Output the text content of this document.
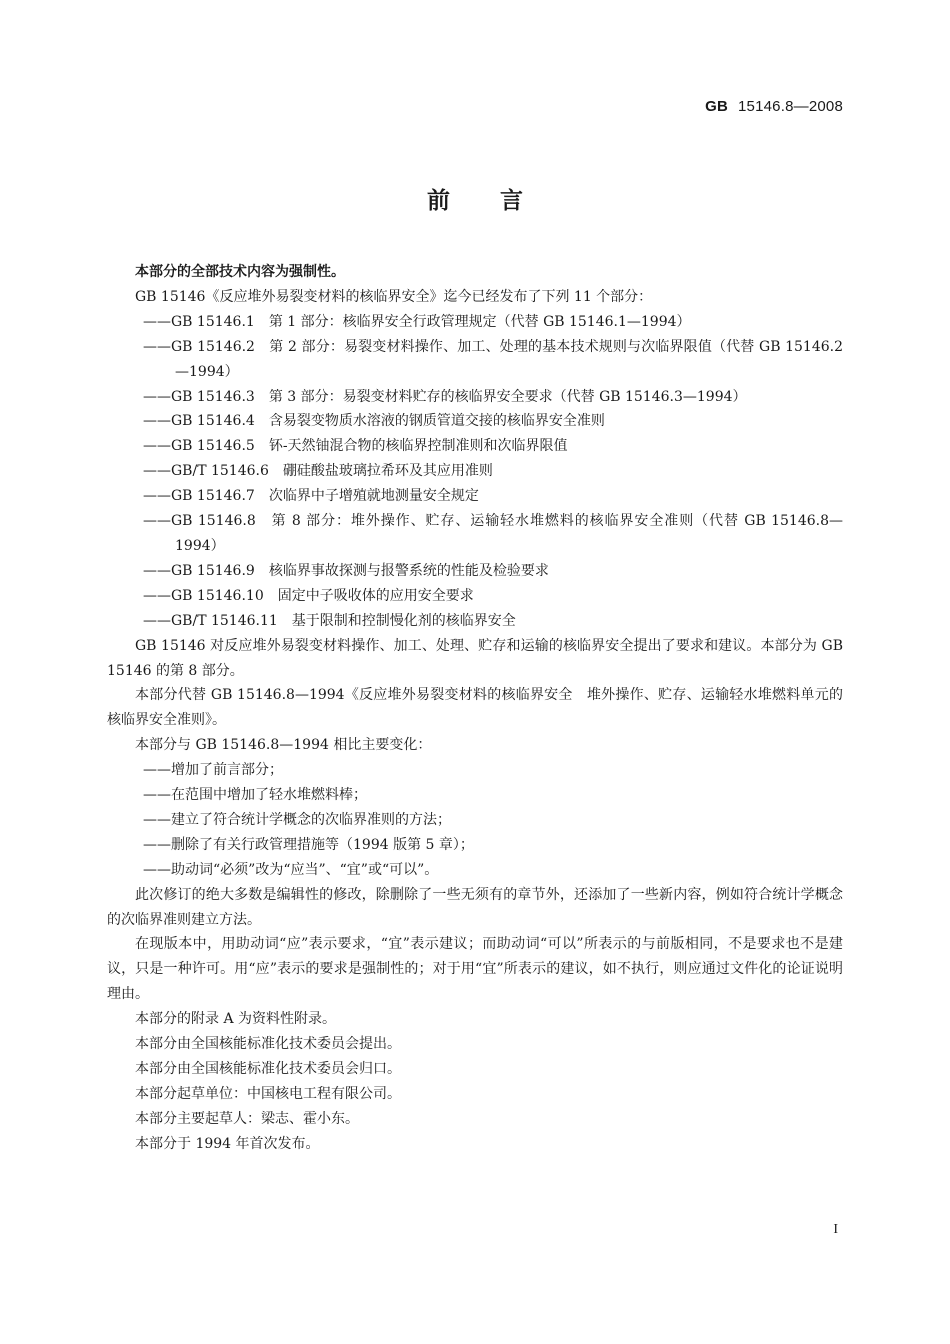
GB 15146.8—2008
前言

本部分的全部技术内容为强制性。

GB 15146《反应堆外易裂变材料的核临界安全》迄今已经发布了下列 11 个部分：

——GB 15146.1　第 1 部分：核临界安全行政管理规定（代替 GB 15146.1—1994）
——GB 15146.2　第 2 部分：易裂变材料操作、加工、处理的基本技术规则与次临界限值（代替 GB 15146.2—1994）
——GB 15146.3　第 3 部分：易裂变材料贮存的核临界安全要求（代替 GB 15146.3—1994）
——GB 15146.4　含易裂变物质水溶液的钢质管道交接的核临界安全准则
——GB 15146.5　钚-天然铀混合物的核临界控制准则和次临界限值
——GB/T 15146.6　硼硅酸盐玻璃拉希环及其应用准则
——GB 15146.7　次临界中子增殖就地测量安全规定
——GB 15146.8　第 8 部分：堆外操作、贮存、运输轻水堆燃料的核临界安全准则（代替 GB 15146.8—1994）
——GB 15146.9　核临界事故探测与报警系统的性能及检验要求
——GB 15146.10　固定中子吸收体的应用安全要求
——GB/T 15146.11　基于限制和控制慢化剂的核临界安全

GB 15146 对反应堆外易裂变材料操作、加工、处理、贮存和运输的核临界安全提出了要求和建议。本部分为 GB 15146 的第 8 部分。

本部分代替 GB 15146.8—1994《反应堆外易裂变材料的核临界安全　堆外操作、贮存、运输轻水堆燃料单元的核临界安全准则》。

本部分与 GB 15146.8—1994 相比主要变化：

——增加了前言部分；
——在范围中增加了轻水堆燃料棒；
——建立了符合统计学概念的次临界准则的方法；
——删除了有关行政管理措施等（1994 版第 5 章）；
——助动词“必须”改为“应当”、“宜”或“可以”。

此次修订的绝大多数是编辑性的修改，除删除了一些无须有的章节外，还添加了一些新内容，例如符合统计学概念的次临界准则建立方法。

在现版本中，用助动词“应”表示要求，“宜”表示建议；而助动词“可以”所表示的与前版相同，不是要求也不是建议，只是一种许可。用“应”表示的要求是强制性的；对于用“宜”所表示的建议，如不执行，则应通过文件化的论证说明理由。

本部分的附录 A 为资料性附录。

本部分由全国核能标准化技术委员会提出。

本部分由全国核能标准化技术委员会归口。

本部分起草单位：中国核电工程有限公司。

本部分主要起草人：梁志、霍小东。

本部分于 1994 年首次发布。

I
